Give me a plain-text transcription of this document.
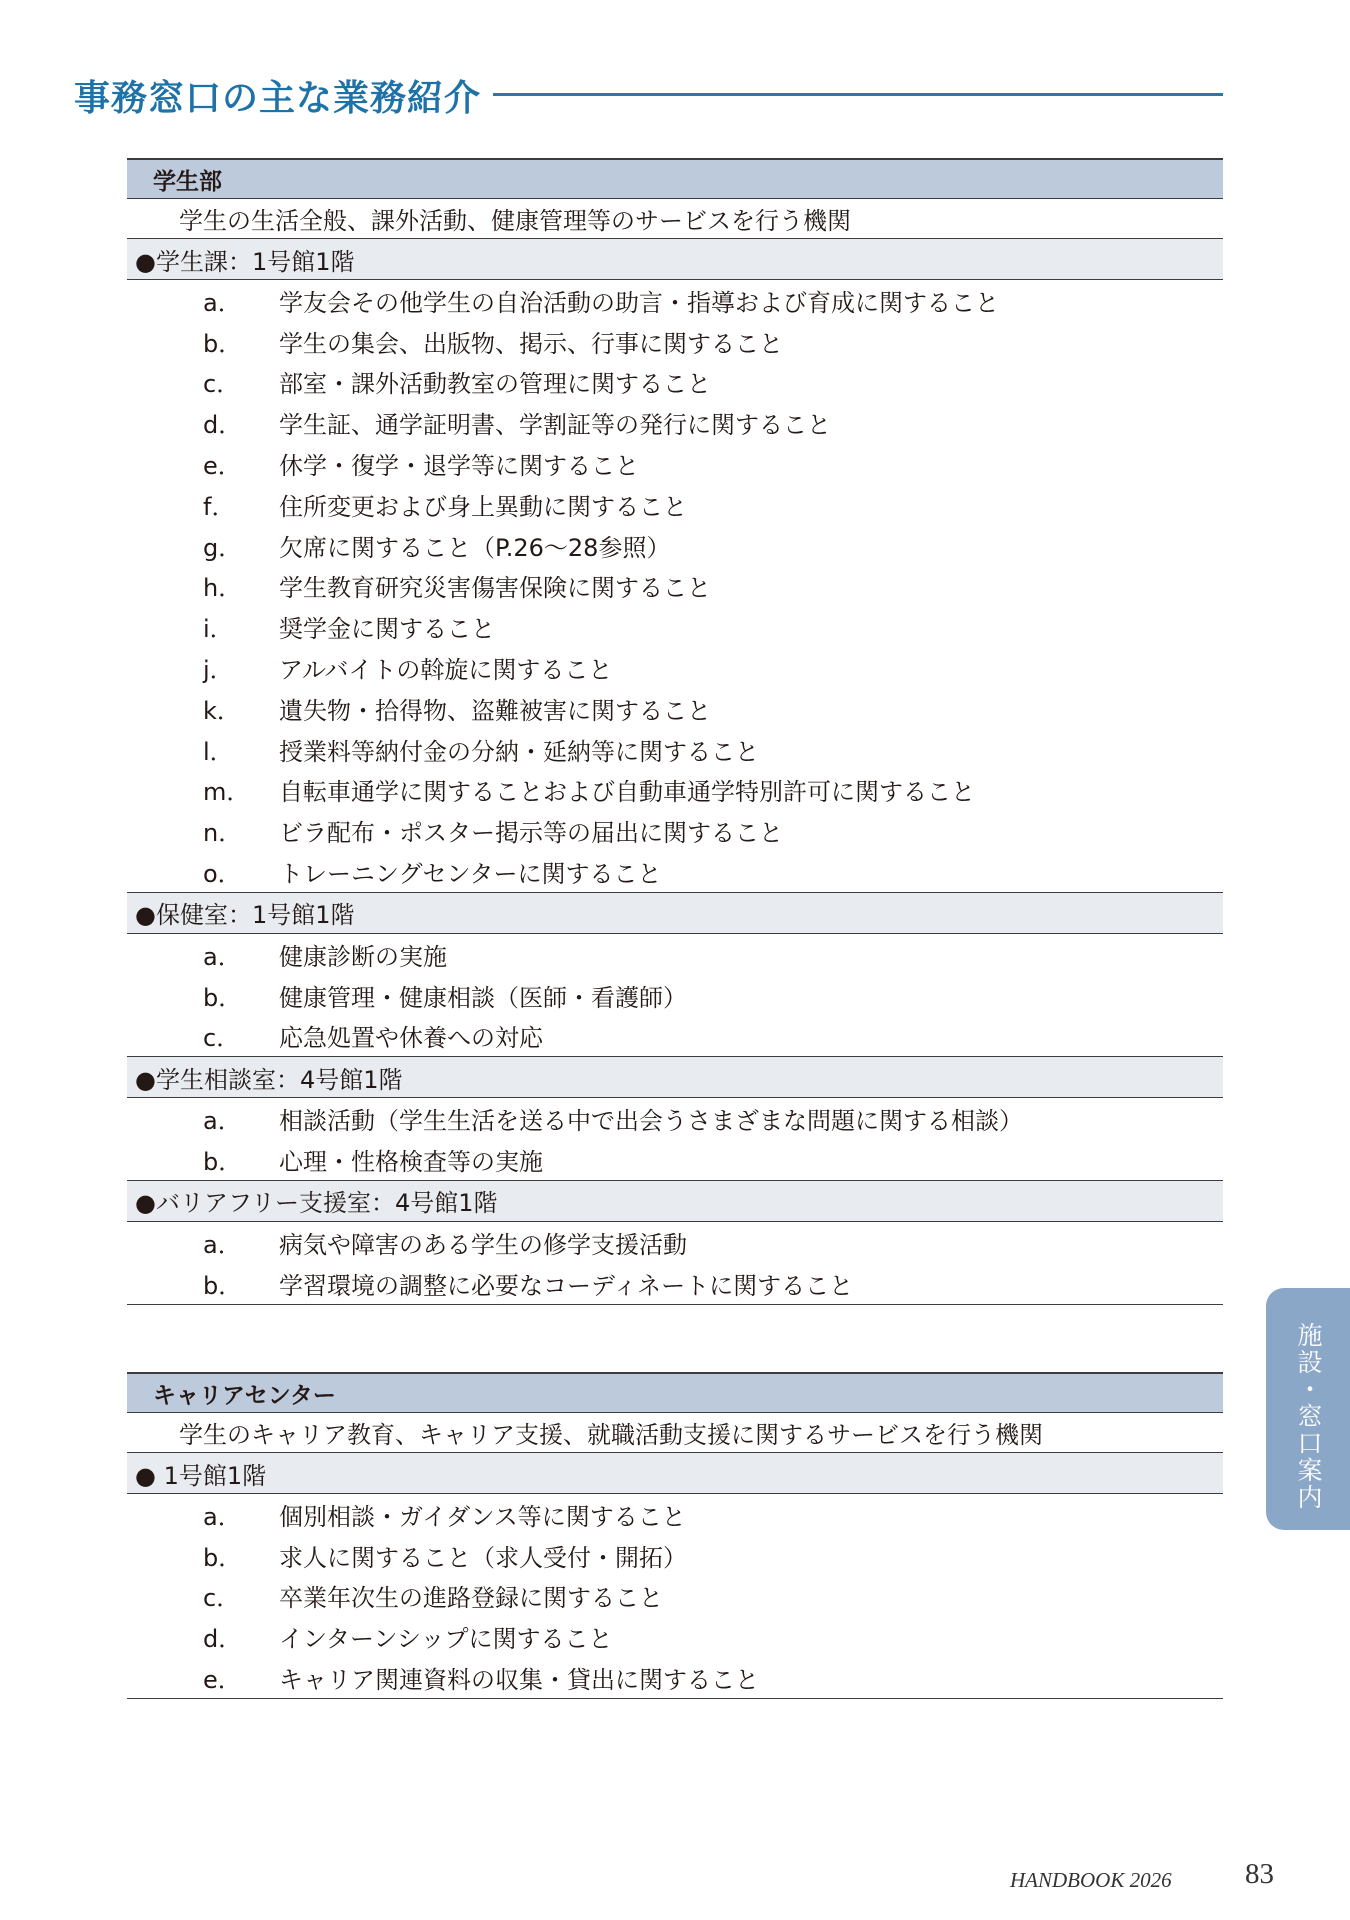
事務窓口の主な業務紹介
学生部
学生の生活全般、課外活動、健康管理等のサービスを行う機関
●学生課：1号館1階
a．	学友会その他学生の自治活動の助言・指導および育成に関すること
b．	学生の集会、出版物、掲示、行事に関すること
c．	部室・課外活動教室の管理に関すること
d．	学生証、通学証明書、学割証等の発行に関すること
e．	休学・復学・退学等に関すること
f．	住所変更および身上異動に関すること
g．	欠席に関すること（P.26〜28参照）
h．	学生教育研究災害傷害保険に関すること
i．	奨学金に関すること
j．	アルバイトの斡旋に関すること
k．	遺失物・拾得物、盗難被害に関すること
l．	授業料等納付金の分納・延納等に関すること
m．	自転車通学に関することおよび自動車通学特別許可に関すること
n．	ビラ配布・ポスター掲示等の届出に関すること
o．	トレーニングセンターに関すること
●保健室：1号館1階
a．	健康診断の実施
b．	健康管理・健康相談（医師・看護師）
c．	応急処置や休養への対応
●学生相談室：4号館1階
a．	相談活動（学生生活を送る中で出会うさまざまな問題に関する相談）
b．	心理・性格検査等の実施
●バリアフリー支援室：4号館1階
a．	病気や障害のある学生の修学支援活動
b．	学習環境の調整に必要なコーディネートに関すること
キャリアセンター
学生のキャリア教育、キャリア支援、就職活動支援に関するサービスを行う機関
● 1号館1階
a．	個別相談・ガイダンス等に関すること
b．	求人に関すること（求人受付・開拓）
c．	卒業年次生の進路登録に関すること
d．	インターンシップに関すること
e．	キャリア関連資料の収集・貸出に関すること
施設・窓口案内
HANDBOOK 2026	83
